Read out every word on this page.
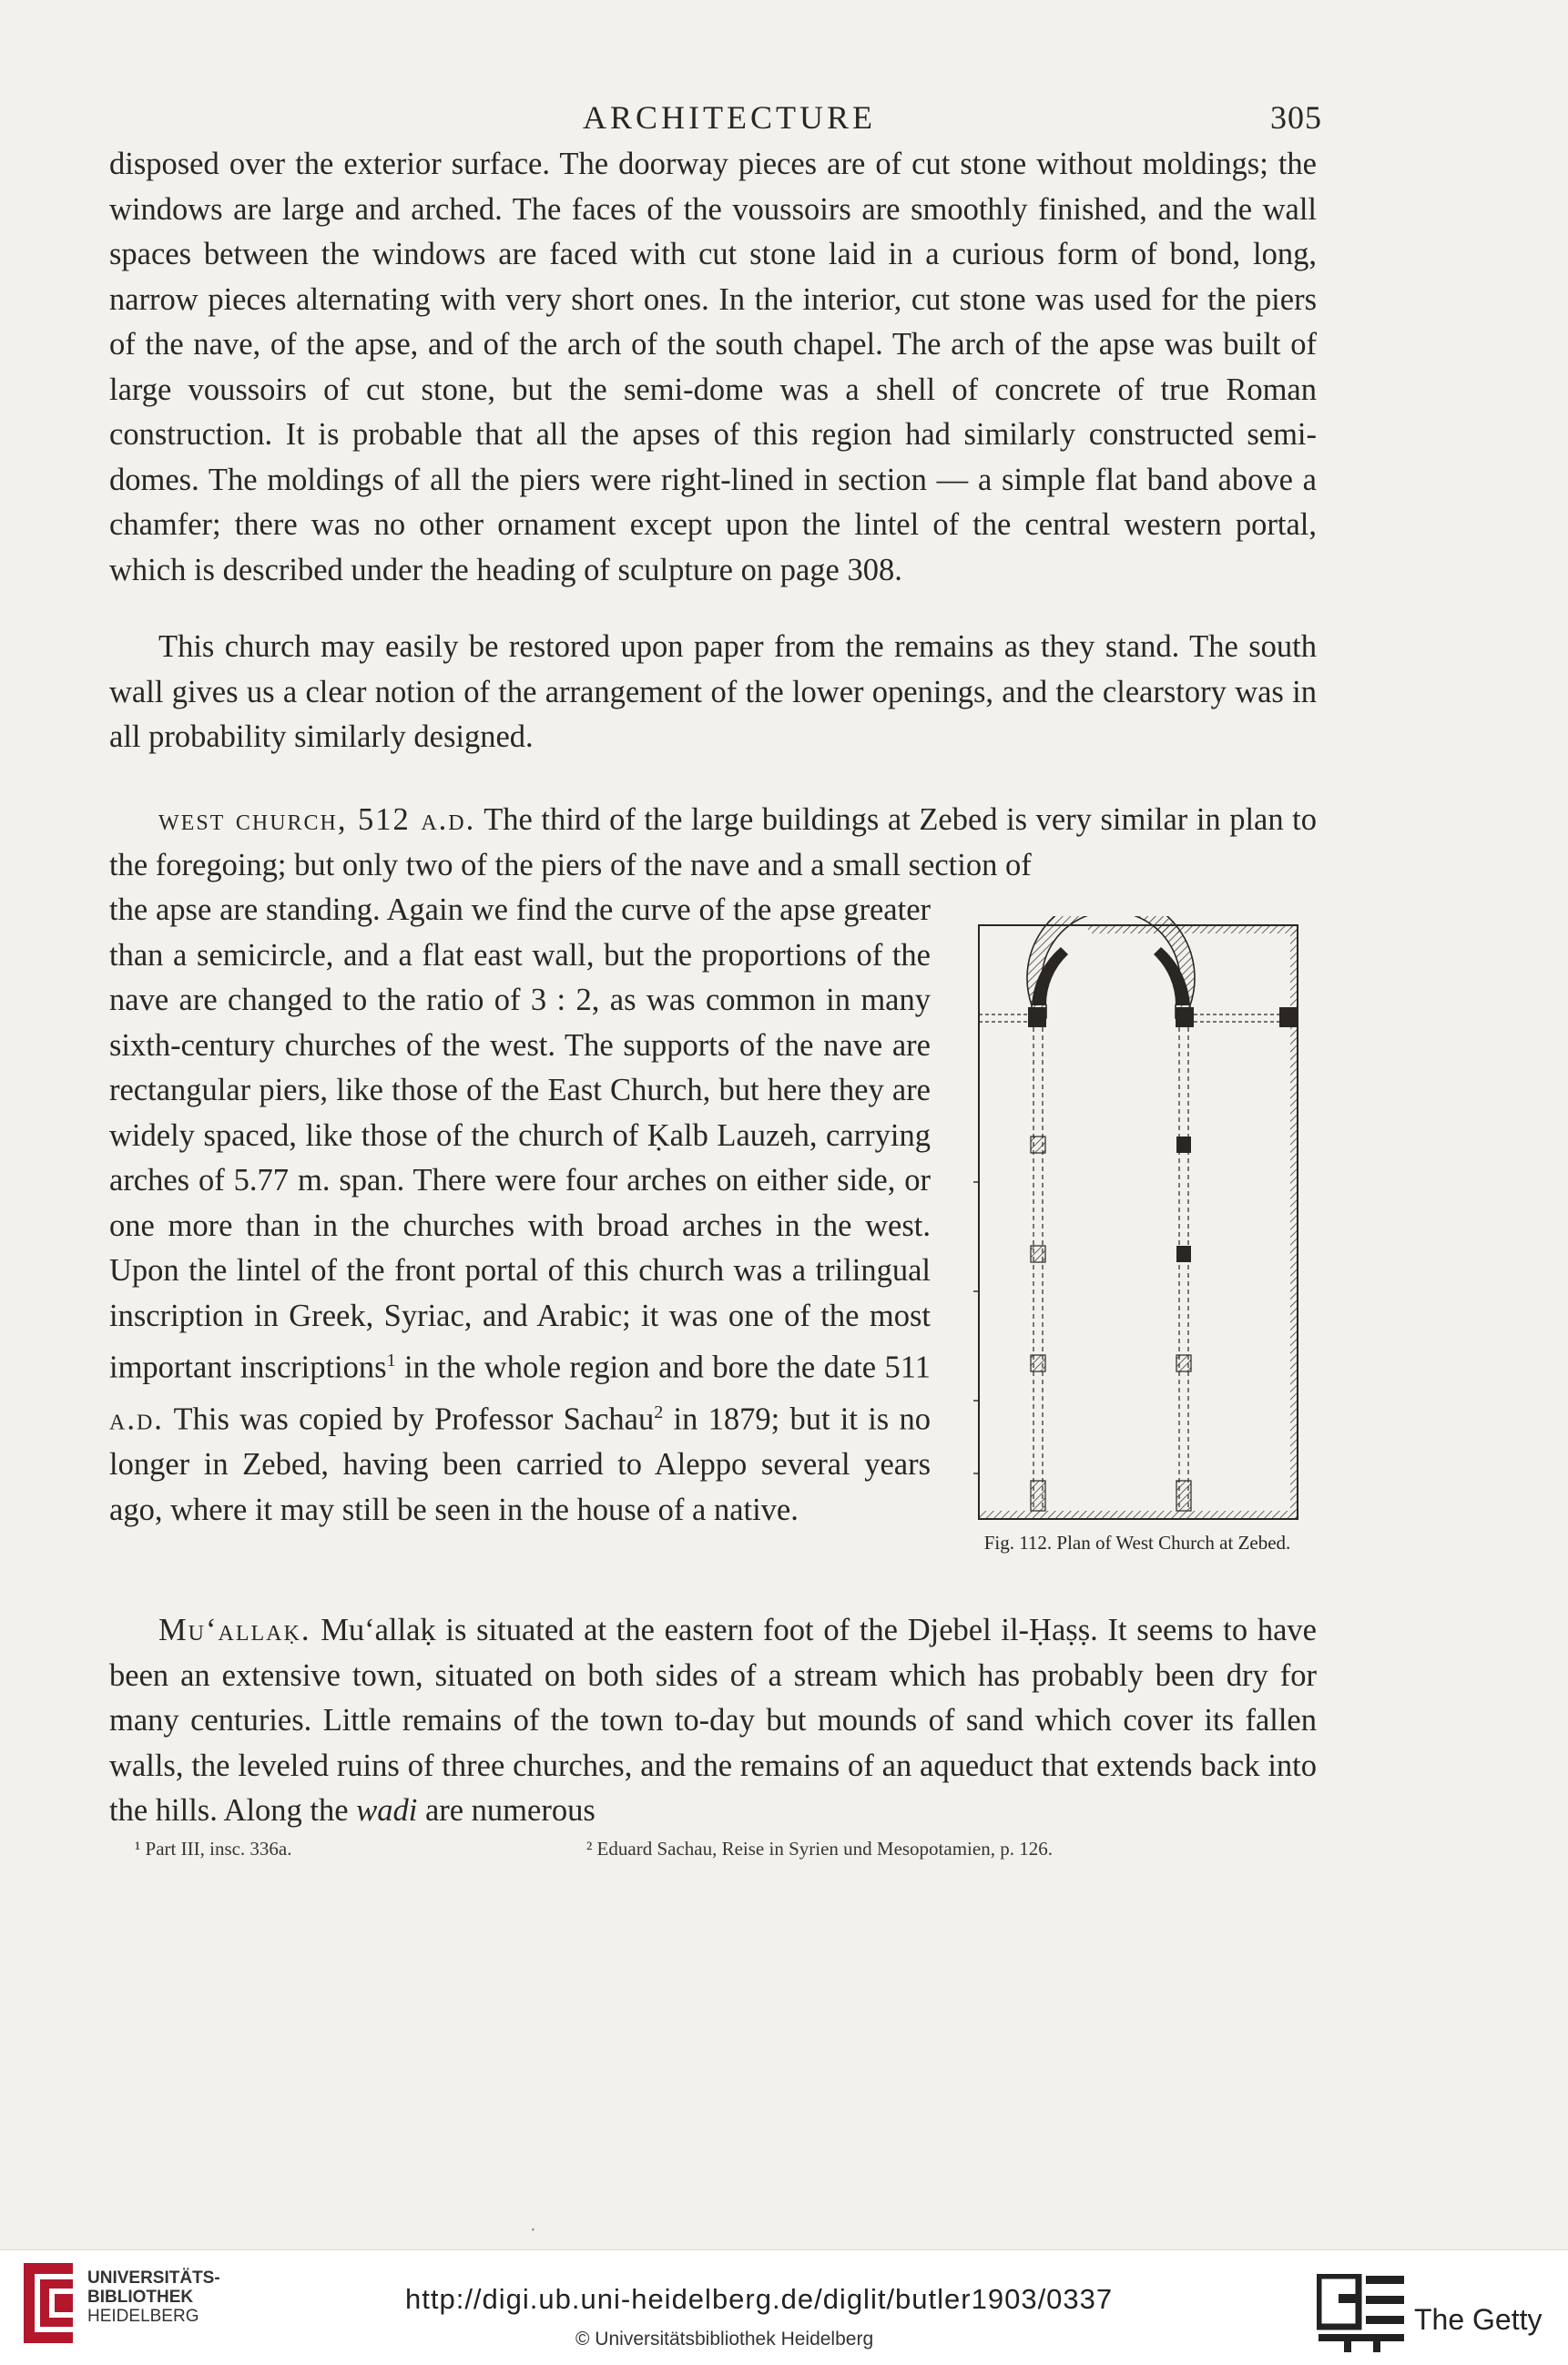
ARCHITECTURE	305

disposed over the exterior surface. The doorway pieces are of cut stone without moldings; the windows are large and arched. The faces of the voussoirs are smoothly finished, and the wall spaces between the windows are faced with cut stone laid in a curious form of bond, long, narrow pieces alternating with very short ones. In the interior, cut stone was used for the piers of the nave, of the apse, and of the arch of the south chapel. The arch of the apse was built of large voussoirs of cut stone, but the semi-dome was a shell of concrete of true Roman construction. It is probable that all the apses of this region had similarly constructed semi-domes. The moldings of all the piers were right-lined in section — a simple flat band above a chamfer; there was no other ornament except upon the lintel of the central western portal, which is described under the heading of sculpture on page 308.

This church may easily be restored upon paper from the remains as they stand. The south wall gives us a clear notion of the arrangement of the lower openings, and the clearstory was in all probability similarly designed.

west church, 512 a.d. The third of the large buildings at Zebed is very similar in plan to the foregoing; but only two of the piers of the nave and a small section of

the apse are standing. Again we find the curve of the apse greater than a semicircle, and a flat east wall, but the proportions of the nave are changed to the ratio of 3 : 2, as was common in many sixth-century churches of the west. The supports of the nave are rectangular piers, like those of the East Church, but here they are widely spaced, like those of the church of Ḳalb Lauzeh, carrying arches of 5.77 m. span. There were four arches on either side, or one more than in the churches with broad arches in the west. Upon the lintel of the front portal of this church was a trilingual inscription in Greek, Syriac, and Arabic; it was one of the most important inscriptions$^1$ in the whole region and bore the date 511 a.d. This was copied by Professor Sachau$^2$ in 1879; but it is no longer in Zebed, having been carried to Aleppo several years ago, where it may still be seen in the house of a native.

Fig. 112. Plan of West Church at Zebed.

Mu‘allaḳ. Mu‘allaḳ is situated at the eastern foot of the Djebel il-Ḥaṣṣ. It seems to have been an extensive town, situated on both sides of a stream which has probably been dry for many centuries. Little remains of the town to-day but mounds of sand which cover its fallen walls, the leveled ruins of three churches, and the remains of an aqueduct that extends back into the hills. Along the wadi are numerous

¹ Part III, insc. 336a.	² Eduard Sachau, Reise in Syrien und Mesopotamien, p. 126.
·
UNIVERSITÄTS-
BIBLIOTHEK
HEIDELBERG
http://digi.ub.uni-heidelberg.de/diglit/butler1903/0337
© Universitätsbibliothek Heidelberg
The Getty
